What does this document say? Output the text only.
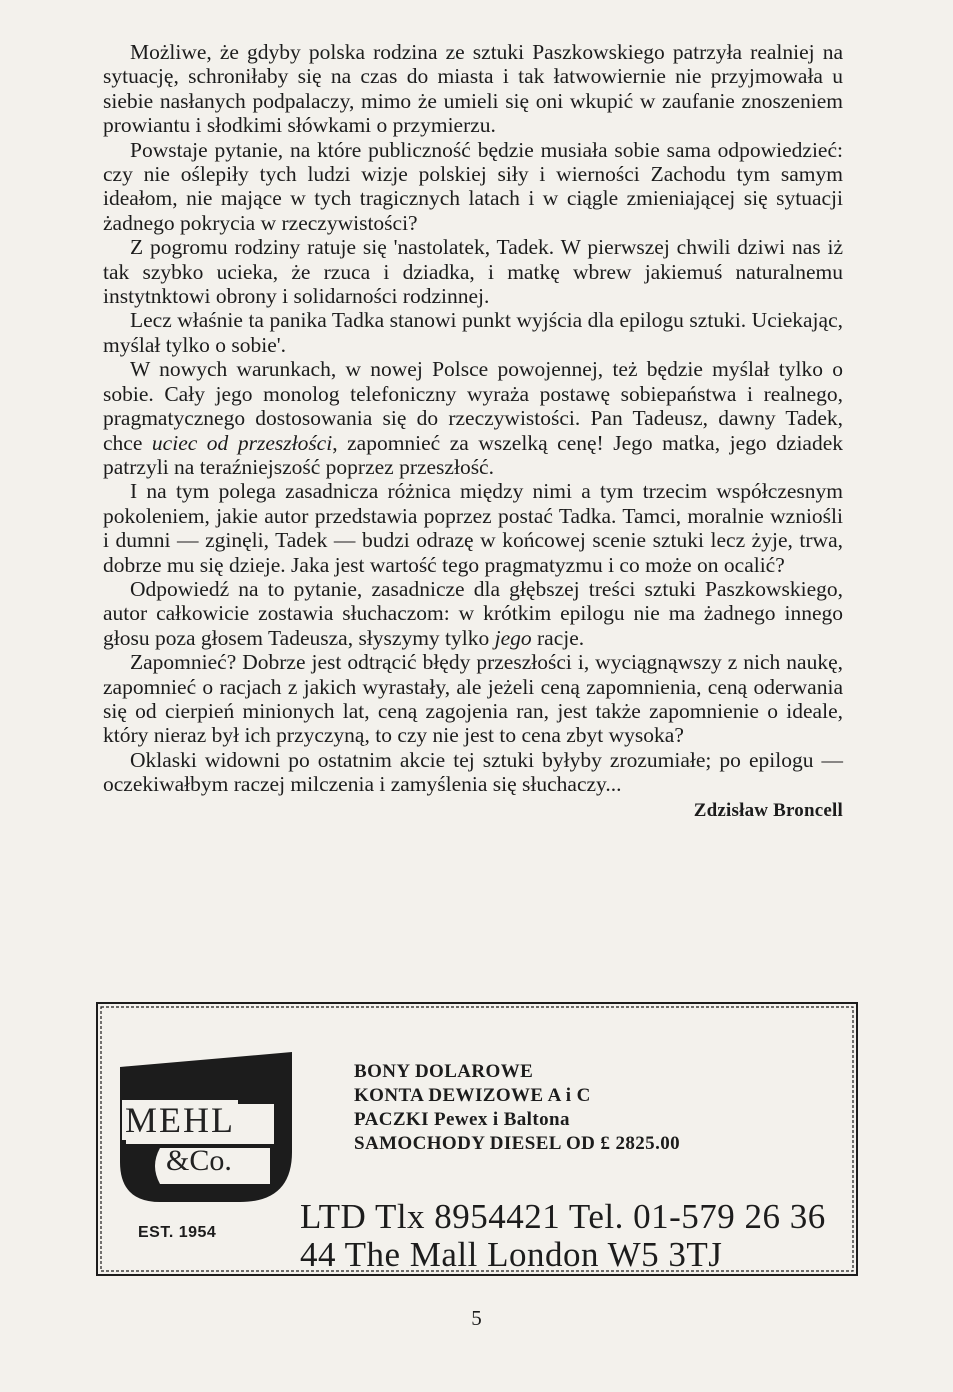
Możliwe, że gdyby polska rodzina ze sztuki Paszkowskiego patrzyła realniej na sytuację, schroniłaby się na czas do miasta i tak łatwowiernie nie przyjmowała u siebie nasłanych podpalaczy, mimo że umieli się oni wkupić w zaufanie znoszeniem prowiantu i słodkimi słówkami o przymierzu.

Powstaje pytanie, na które publiczność będzie musiała sobie sama odpowiedzieć: czy nie oślepiły tych ludzi wizje polskiej siły i wierności Zachodu tym samym ideałom, nie mające w tych tragicznych latach i w ciągle zmieniającej się sytuacji żadnego pokrycia w rzeczywistości?

Z pogromu rodziny ratuje się 'nastolatek, Tadek. W pierwszej chwili dziwi nas iż tak szybko ucieka, że rzuca i dziadka, i matkę wbrew jakiemuś naturalnemu instytnktowi obrony i solidarności rodzinnej.

Lecz właśnie ta panika Tadka stanowi punkt wyjścia dla epilogu sztuki. Uciekając, myślał tylko o sobie'.

W nowych warunkach, w nowej Polsce powojennej, też będzie myślał tylko o sobie. Cały jego monolog telefoniczny wyraża postawę sobiepaństwa i realnego, pragmatycznego dostosowania się do rzeczywistości. Pan Tadeusz, dawny Tadek, chce uciec od przeszłości, zapomnieć za wszelką cenę! Jego matka, jego dziadek patrzyli na teraźniejszość poprzez przeszłość.

I na tym polega zasadnicza różnica między nimi a tym trzecim współczesnym pokoleniem, jakie autor przedstawia poprzez postać Tadka. Tamci, moralnie wzniośli i dumni — zginęli, Tadek — budzi odrazę w końcowej scenie sztuki lecz żyje, trwa, dobrze mu się dzieje. Jaka jest wartość tego pragmatyzmu i co może on ocalić?

Odpowiedź na to pytanie, zasadnicze dla głębszej treści sztuki Paszkowskiego, autor całkowicie zostawia słuchaczom: w krótkim epilogu nie ma żadnego innego głosu poza głosem Tadeusza, słyszymy tylko jego racje.

Zapomnieć? Dobrze jest odtrącić błędy przeszłości i, wyciągnąwszy z nich naukę, zapomnieć o racjach z jakich wyrastały, ale jeżeli ceną zapomnienia, ceną oderwania się od cierpień minionych lat, ceną zagojenia ran, jest także zapomnienie o ideale, który nieraz był ich przyczyną, to czy nie jest to cena zbyt wysoka?

Oklaski widowni po ostatnim akcie tej sztuki byłyby zrozumiałe; po epilogu — oczekiwałbym raczej milczenia i zamyślenia się słuchaczy...

Zdzisław Broncell
MEHL
&Co.
EST. 1954
BONY DOLAROWE
KONTA DEWIZOWE A i C
PACZKI Pewex i Baltona
SAMOCHODY DIESEL OD £ 2825.00
LTD Tlx 8954421 Tel. 01-579 26 36
44 The Mall London W5 3TJ
5
